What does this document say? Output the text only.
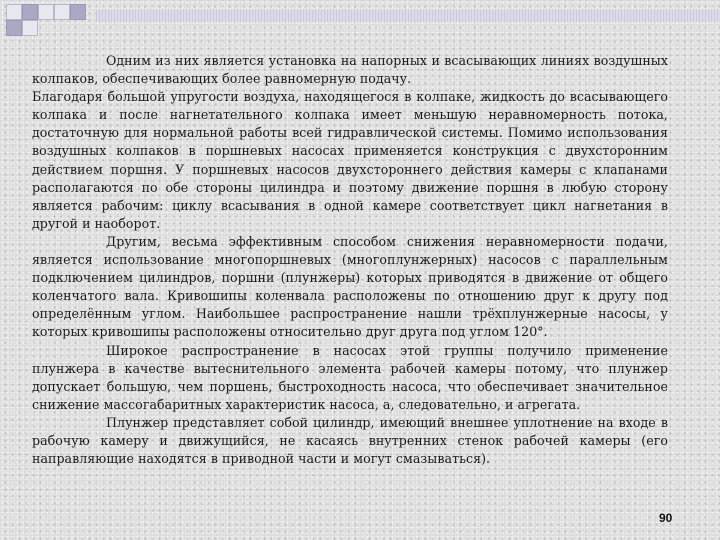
Одним из них является установка на напорных и всасывающих линиях воздушных колпаков, обеспечивающих более равномерную подачу.

Благодаря большой упругости воздуха, находящегося в колпаке, жидкость до всасывающего колпака и после нагнетательного колпака имеет меньшую неравномерность потока, достаточную для нормальной работы всей гидравлической системы. Помимо использования воздушных колпаков в поршневых насосах применяется конструкция с двухсторонним действием поршня. У поршневых насосов двухстороннего действия камеры с клапанами располагаются по обе стороны цилиндра и поэтому движение поршня в любую сторону является рабочим: циклу всасывания в одной камере соответствует цикл нагнетания в другой и наоборот.

Другим, весьма эффективным способом снижения неравномерности подачи, является использование многопоршневых (многоплунжерных) насосов с параллельным подключением цилиндров, поршни (плунжеры) которых приводятся в движение от общего коленчатого вала. Кривошипы коленвала расположены по отношению друг к другу под определённым углом. Наибольшее распространение нашли трёхплунжерные насосы, у которых кривошипы расположены относительно друг друга под углом 120°.

Широкое распространение в насосах этой группы получило применение плунжера в качестве вытеснительного элемента рабочей камеры потому, что плунжер допускает большую, чем поршень, быстроходность насоса, что обеспечивает значительное снижение массогабаритных характеристик насоса, а, следовательно, и агрегата.

Плунжер представляет собой цилиндр, имеющий внешнее уплотнение на входе в рабочую камеру и движущийся, не касаясь внутренних стенок рабочей камеры (его направляющие находятся в приводной части и могут смазываться).

90
